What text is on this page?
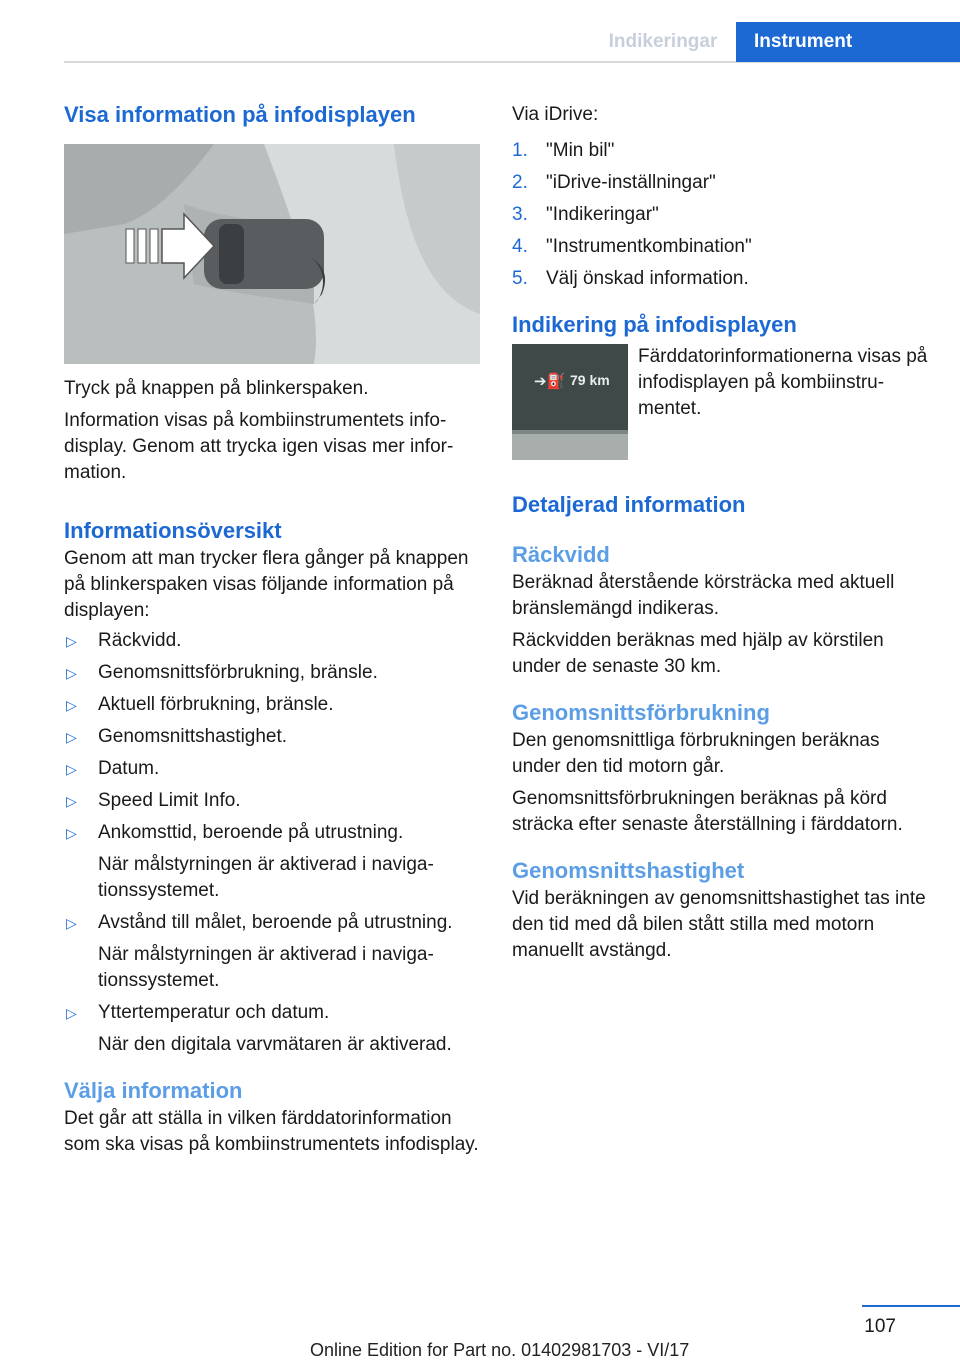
Indikeringar	Instrument
Visa information på infodisplayen

Tryck på knappen på blinkerspaken.

Information visas på kombiinstrumentets infodisplay. Genom att trycka igen visas mer information.

Informationsöversikt

Genom att man trycker flera gånger på knappen på blinkerspaken visas följande information på displayen:

▷ Räckvidd.
▷ Genomsnittsförbrukning, bränsle.
▷ Aktuell förbrukning, bränsle.
▷ Genomsnittshastighet.
▷ Datum.
▷ Speed Limit Info.
▷ Ankomsttid, beroende på utrustning.
När målstyrningen är aktiverad i navigationssystemet.
▷ Avstånd till målet, beroende på utrustning.
När målstyrningen är aktiverad i navigationssystemet.
▷ Yttertemperatur och datum.
När den digitala varvmätaren är aktiverad.
Välja information

Det går att ställa in vilken färddatorinformation som ska visas på kombiinstrumentets infodisplay.

Via iDrive:

1. "Min bil"
2. "iDrive-inställningar"
3. "Indikeringar"
4. "Instrumentkombination"
5. Välj önskad information.
Indikering på infodisplayen
➔⛽ 79 km

Färddatorinformationerna visas på infodisplayen på kombiinstrumentet.

Detaljerad information
Räckvidd

Beräknad återstående körsträcka med aktuell bränslemängd indikeras.

Räckvidden beräknas med hjälp av körstilen under de senaste 30 km.

Genomsnittsförbrukning

Den genomsnittliga förbrukningen beräknas under den tid motorn går.

Genomsnittsförbrukningen beräknas på körd sträcka efter senaste återställning i färddatorn.

Genomsnittshastighet

Vid beräkningen av genomsnittshastighet tas inte den tid med då bilen stått stilla med motorn manuellt avstängd.

107
Online Edition for Part no. 01402981703 - VI/17
